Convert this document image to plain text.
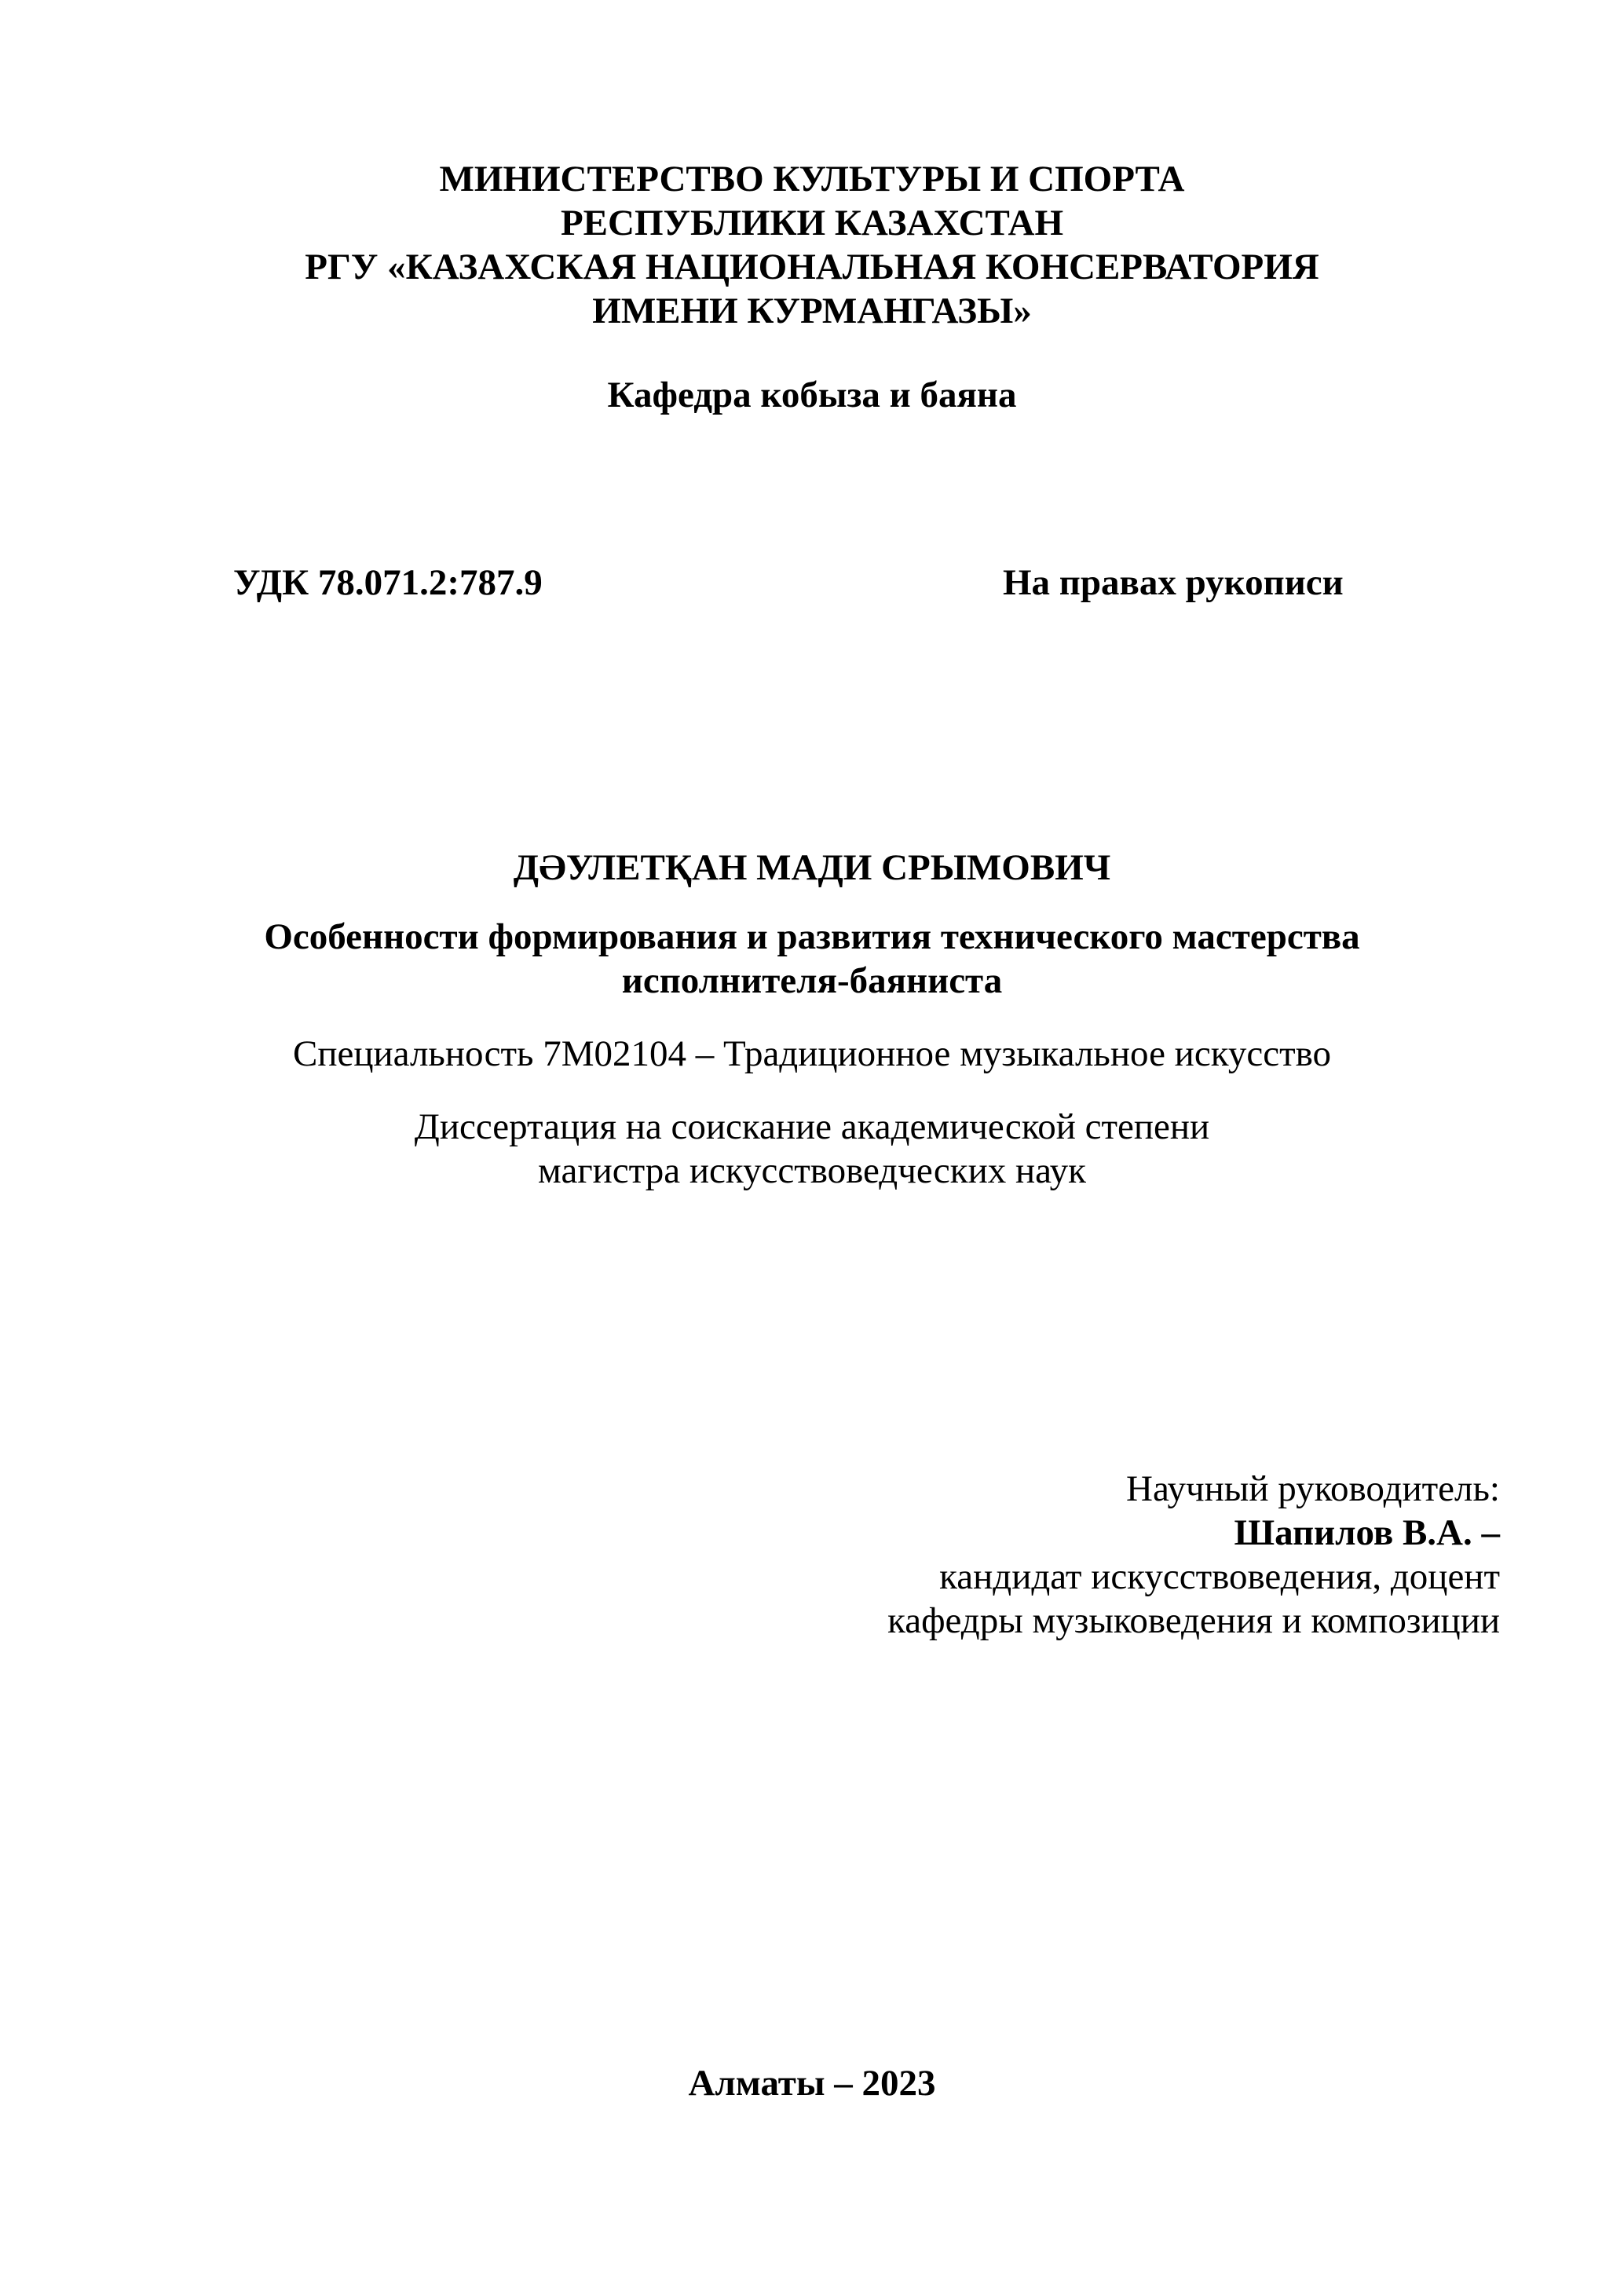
МИНИСТЕРСТВО КУЛЬТУРЫ И СПОРТА
РЕСПУБЛИКИ КАЗАХСТАН
РГУ «КАЗАХСКАЯ НАЦИОНАЛЬНАЯ КОНСЕРВАТОРИЯ
ИМЕНИ КУРМАНГАЗЫ»
Кафедра кобыза и баяна
УДК 78.071.2:787.9	На правах рукописи
ДӘУЛЕТҚАН МАДИ СРЫМОВИЧ
Особенности формирования и развития технического мастерства
исполнителя-баяниста
Специальность 7М02104 – Традиционное музыкальное искусство
Диссертация на соискание академической степени
магистра искусствоведческих наук
Научный руководитель:
Шапилов В.А. –
кандидат искусствоведения, доцент
кафедры музыковедения и композиции
Алматы – 2023
